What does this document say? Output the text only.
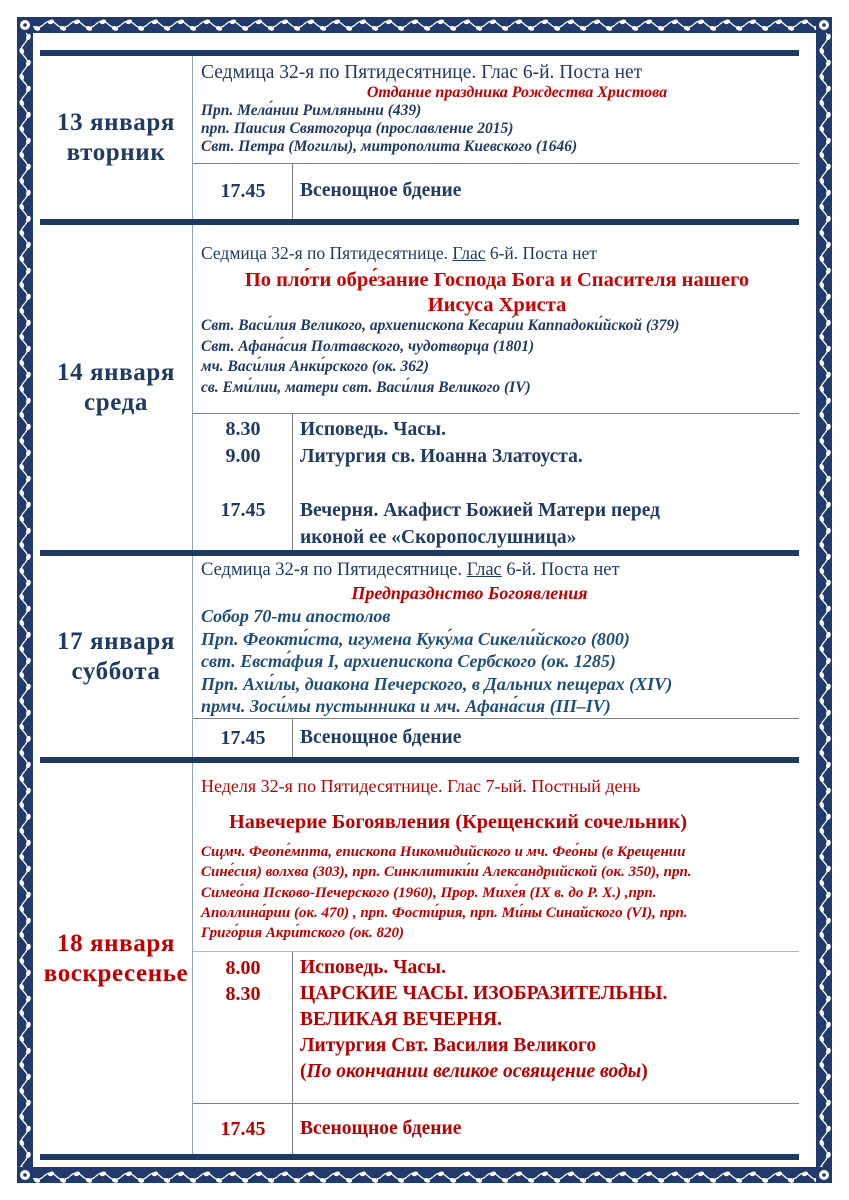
13 января
вторник
Седмица 32-я по Пятидесятнице. Глас 6-й. Поста нет
Отдание праздника Рождества Христова
Прп. Мела́нии Римляныни (439)
прп. Паисия Святогорца (прославление 2015)
Свт. Петра (Могилы), митрополита Киевского (1646)
17.45	Всенощное бдение
14 января
среда
Седмица 32-я по Пятидесятнице. Глас 6-й. Поста нет
По пло́ти обре́зание Господа Бога и Спасителя нашего
Иисуса Христа
Свт. Васи́лия Великого, архиепископа Кесари́и Каппадоки́йской (379)
Свт. Афана́сия Полтавского, чудотворца (1801)
мч. Васи́лия Анки́рского (ок. 362)
св. Еми́лии, матери свт. Васи́лия Великого (IV)
8.30	Исповедь. Часы.
9.00	Литургия св. Иоанна Златоуста.
17.45	Вечерня. Акафист Божией Матери перед
иконой ее «Скоропослушница»
17 января
суббота
Седмица 32-я по Пятидесятнице. Глас 6-й. Поста нет
Предпразднство Богоявления
Собор 70-ти апостолов
Прп. Феокти́ста, игумена Куку́ма Сикели́йского (800)
свт. Евста́фия I, архиепископа Сербского (ок. 1285)
Прп. Ахи́лы, диакона Печерского, в Дальних пещерах (XIV)
прмч. Зоси́мы пустынника и мч. Афана́сия (III–IV)
17.45	Всенощное бдение
18 января
воскресенье
Неделя 32-я по Пятидесятнице. Глас 7-ый. Постный день
Навечерие Богоявления (Крещенский сочельник)
Сщмч. Феопе́мпта, епископа Никомидийского и мч. Фео́ны (в Крещении
Сине́сия) волхва (303), прп. Синклитики́и Александрийской (ок. 350), прп.
Симео́на Псково-Печерского (1960), Прор. Михе́я (IX в. до Р. Х.) ,прп.
Аполлина́рии (ок. 470) , прп. Фости́рия, прп. Ми́ны Синайского (VI), прп.
Григо́рия Акри́тского (ок. 820)
8.00	Исповедь. Часы.
8.30	ЦАРСКИЕ ЧАСЫ. ИЗОБРАЗИТЕЛЬНЫ.
ВЕЛИКАЯ ВЕЧЕРНЯ.
Литургия Свт. Василия Великого
(По окончании великое освящение воды)
17.45	Всенощное бдение
